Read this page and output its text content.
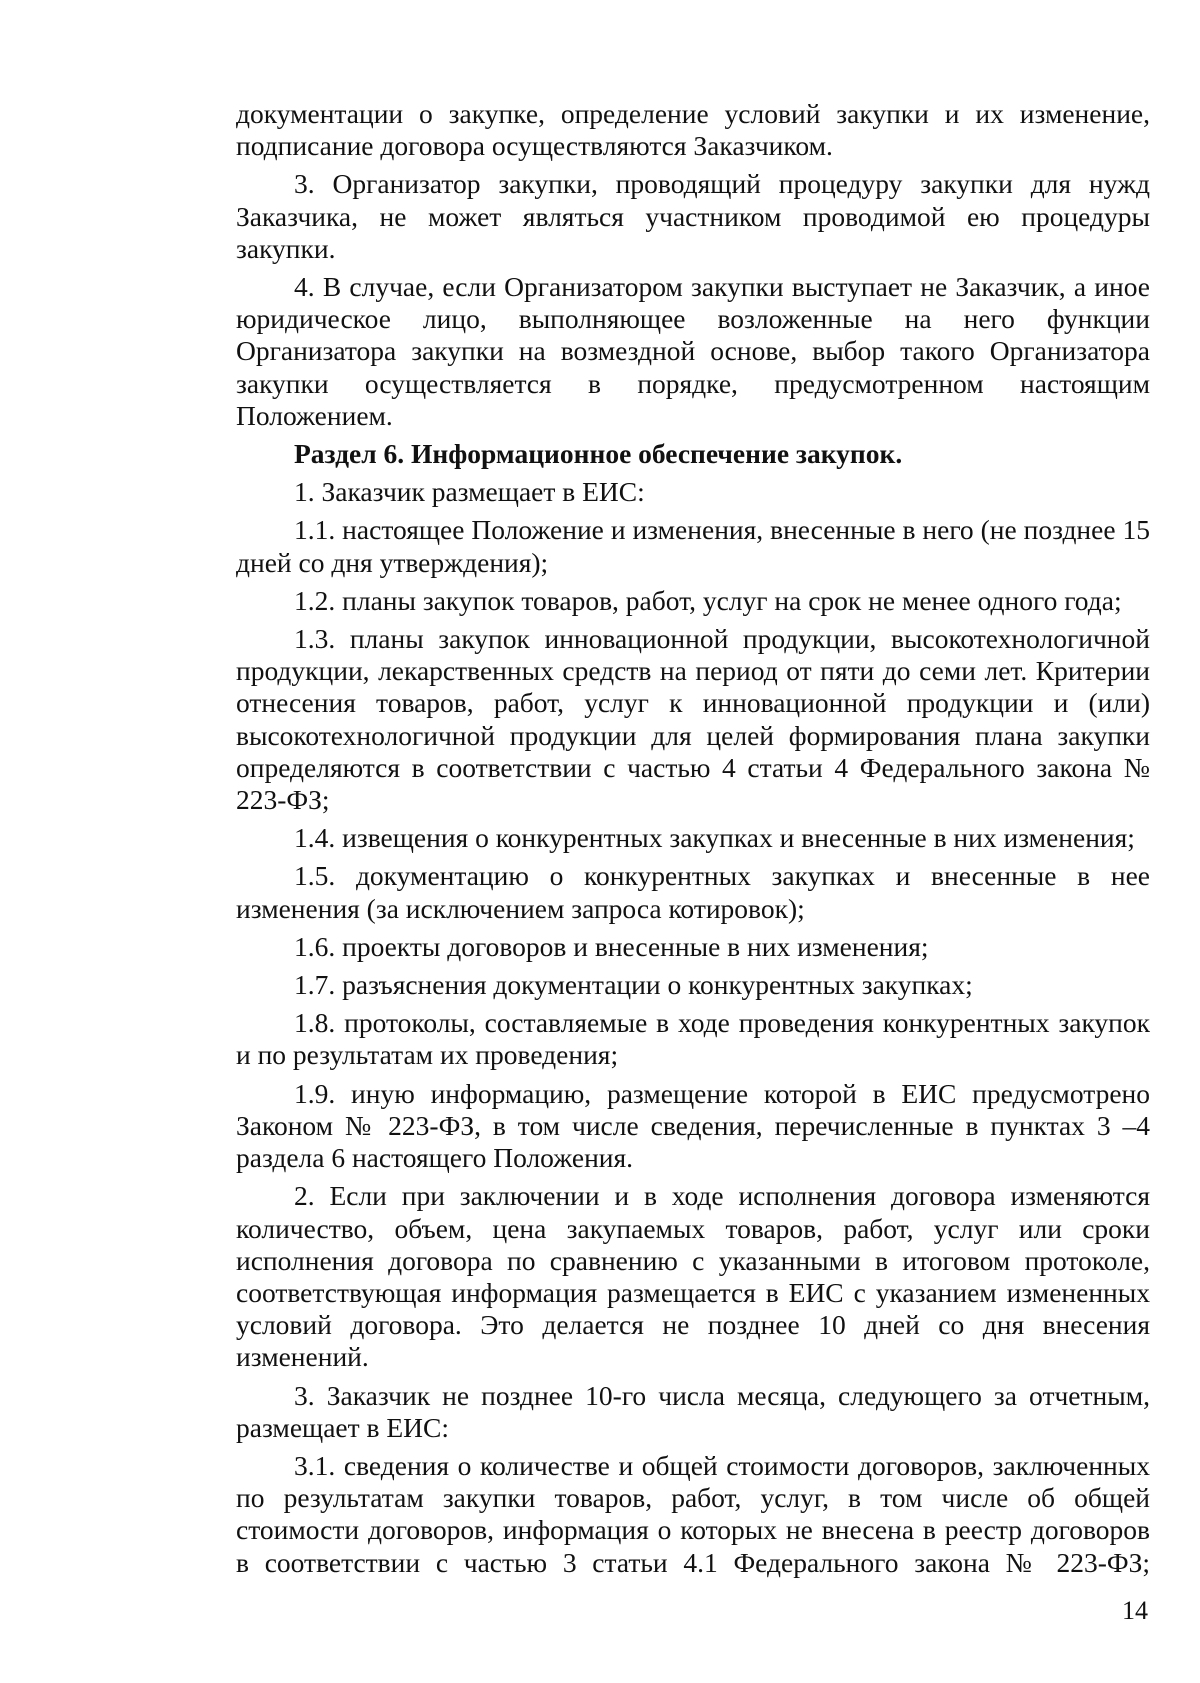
документации о закупке, определение условий закупки и их изменение, подписание договора осуществляются Заказчиком.

3. Организатор закупки, проводящий процедуру закупки для нужд Заказчика, не может являться участником проводимой ею процедуры закупки.

4. В случае, если Организатором закупки выступает не Заказчик, а иное юридическое лицо, выполняющее возложенные на него функции Организатора закупки на возмездной основе, выбор такого Организатора закупки осуществляется в порядке, предусмотренном настоящим Положением.

Раздел 6. Информационное обеспечение закупок.

1. Заказчик размещает в ЕИС:

1.1. настоящее Положение и изменения, внесенные в него (не позднее 15 дней со дня утверждения);

1.2. планы закупок товаров, работ, услуг на срок не менее одного года;

1.3. планы закупок инновационной продукции, высокотехнологичной продукции, лекарственных средств на период от пяти до семи лет. Критерии отнесения товаров, работ, услуг к инновационной продукции и (или) высокотехнологичной продукции для целей формирования плана закупки определяются в соответствии с частью 4 статьи 4 Федерального закона № 223-ФЗ;

1.4. извещения о конкурентных закупках и внесенные в них изменения;

1.5. документацию о конкурентных закупках и внесенные в нее изменения (за исключением запроса котировок);

1.6. проекты договоров и внесенные в них изменения;

1.7. разъяснения документации о конкурентных закупках;

1.8. протоколы, составляемые в ходе проведения конкурентных закупок и по результатам их проведения;

1.9. иную информацию, размещение которой в ЕИС предусмотрено Законом № 223-ФЗ, в том числе сведения, перечисленные в пунктах 3 –4 раздела 6 настоящего Положения.

2. Если при заключении и в ходе исполнения договора изменяются количество, объем, цена закупаемых товаров, работ, услуг или сроки исполнения договора по сравнению с указанными в итоговом протоколе, соответствующая информация размещается в ЕИС с указанием измененных условий договора. Это делается не позднее 10 дней со дня внесения изменений.

3. Заказчик не позднее 10-го числа месяца, следующего за отчетным, размещает в ЕИС:

3.1. сведения о количестве и общей стоимости договоров, заключенных по результатам закупки товаров, работ, услуг, в том числе об общей стоимости договоров, информация о которых не внесена в реестр договоров в соответствии с частью 3 статьи 4.1 Федерального закона № 223-ФЗ;

14
